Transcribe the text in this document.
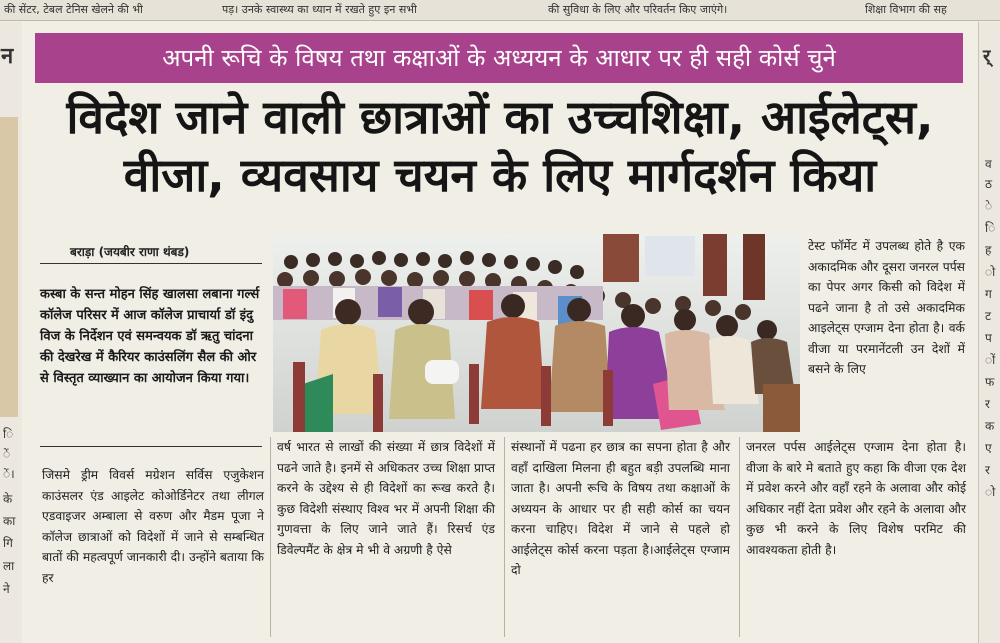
की सेंटर, टेबल टेनिस खेलने की भी	पड़। उनके स्वास्थ्य का ध्यान में रखते हुए इन सभी	की सुविधा के लिए और परिवर्तन किए जाएंगे।	शिक्षा विभाग की सह
न
ि
ें
ें।
के
का
गि
ला
ने
र्
व
ठ
े
ि
ह
ो
ग
ट
प
ों
फ
र
क
ए
र
ो
अपनी रूचि के विषय तथा कक्षाओं के अध्ययन के आधार पर ही सही कोर्स चुने
विदेश जाने वाली छात्राओं का उच्चशिक्षा, आईलेट्स,
वीजा, व्यवसाय चयन के लिए मार्गदर्शन किया
बराड़ा (जयबीर राणा थंबड)
कस्बा के सन्त मोहन सिंह खालसा लबाना गर्ल्स कॉलेज परिसर में आज कॉलेज प्राचार्या डॉ इंदु विज के निर्देशन एवं समन्वयक डॉ ऋतु चांदना की देखरेख में कैरियर काउंसलिंग सैल की ओर से विस्तृत व्याख्यान का आयोजन किया गया।
टेस्ट फॉर्मेट में उपलब्ध होते है एक अकादमिक और दूसरा जनरल पर्पस का पेपर अगर किसी को विदेश में पढने जाना है तो उसे अकादमिक आइलेट्स एग्जाम देना होता है। वर्क वीजा या परमानेंटली उन देशों में बसने के लिए
जिसमे ड्रीम विवर्स मग्रेशन सर्विस एजुकेशन काउंसलर एंड आइलेट कोओर्डिनेटर तथा लीगल एडवाइजर अम्बाला से वरुण और मैडम पूजा ने कॉलेज छात्राओं को विदेशों में जाने से सम्बन्धित बातों की महत्वपूर्ण जानकारी दी। उन्होंने बताया कि हर
वर्ष भारत से लाखों की संख्या में छात्र विदेशों में पढने जाते है। इनमें से अधिकतर उच्च शिक्षा प्राप्त करने के उद्देश्य से ही विदेशों का रूख करते है। कुछ विदेशी संस्थाए विश्व भर में अपनी शिक्षा की गुणवत्ता के लिए जाने जाते हैं। रिसर्च एंड डिवेल्पमैंट के क्षेत्र मे भी वे अग्रणी है ऐसे
संस्थानों में पढना हर छात्र का सपना होता है और वहाँ दाखिला मिलना ही बहुत बड़ी उपलब्धि माना जाता है। अपनी रूचि के विषय तथा कक्षाओं के अध्ययन के आधार पर ही सही कोर्स का चयन करना चाहिए। विदेश में जाने से पहले हो आईलेट्स कोर्स करना पड़ता है।आईलेट्स एग्जाम दो
जनरल पर्पस आईलेट्स एग्जाम देना होता है। वीजा के बारे मे बताते हुए कहा कि वीजा एक देश में प्रवेश करने और वहाँ रहने के अलावा और कोई अधिकार नहीं देता प्रवेश और रहने के अलावा और कुछ भी करने के लिए विशेष परमिट की आवश्यकता होती है।
